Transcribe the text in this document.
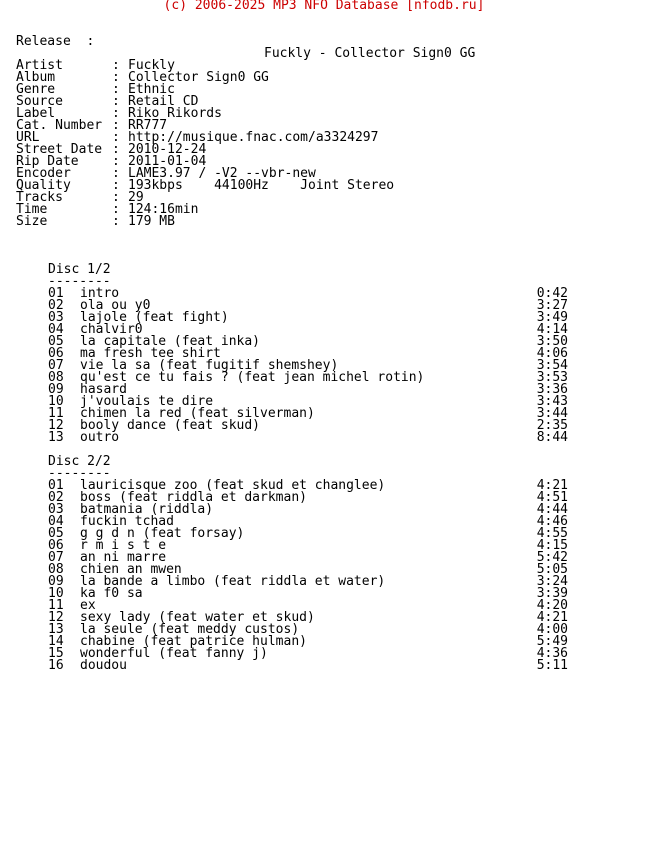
(c) 2006-2025 MP3 NFO Database [nfodb.ru]

Release  :

Fuckly - Collector Sign0 GG

Artist	: Fuckly
Album	: Collector Sign0 GG
Genre	: Ethnic
Source	: Retail CD
Label	: Riko Rikords
Cat. Number : RR777
URL	: http://musique.fnac.com/a3324297
Street Date : 2010-12-24
Rip Date	: 2011-01-04
Encoder	: LAME3.97 / -V2 --vbr-new
Quality	: 193kbps    44100Hz    Joint Stereo
Tracks	: 29
Time	: 124:16min
Size	: 179 MB
Disc 1/2
--------
01 intro	0:42
02 ola ou y0	3:27
03 lajole (feat fight)	3:49
04 chalvir0	4:14
05 la capitale (feat inka)	3:50
06 ma fresh tee shirt	4:06
07 vie la sa (feat fugitif shemshey)	3:54
08 qu'est ce tu fais ? (feat jean michel rotin)	3:53
09 hasard	3:36
10 j'voulais te dire	3:43
11 chimen la red (feat silverman)	3:44
12 booly dance (feat skud)	2:35
13 outro	8:44
Disc 2/2
--------
01 lauricisque zoo (feat skud et changlee)	4:21
02 boss (feat riddla et darkman)	4:51
03 batmania (riddla)	4:44
04 fuckin tchad	4:46
05 g g d n (feat forsay)	4:55
06 r m i s t e	4:15
07 an ni marre	5:42
08 chien an mwen	5:05
09 la bande a limbo (feat riddla et water)	3:24
10 ka f0 sa	3:39
11 ex	4:20
12 sexy lady (feat water et skud)	4:21
13 la seule (feat meddy custos)	4:00
14 chabine (feat patrice hulman)	5:49
15 wonderful (feat fanny j)	4:36
16 doudou	5:11
